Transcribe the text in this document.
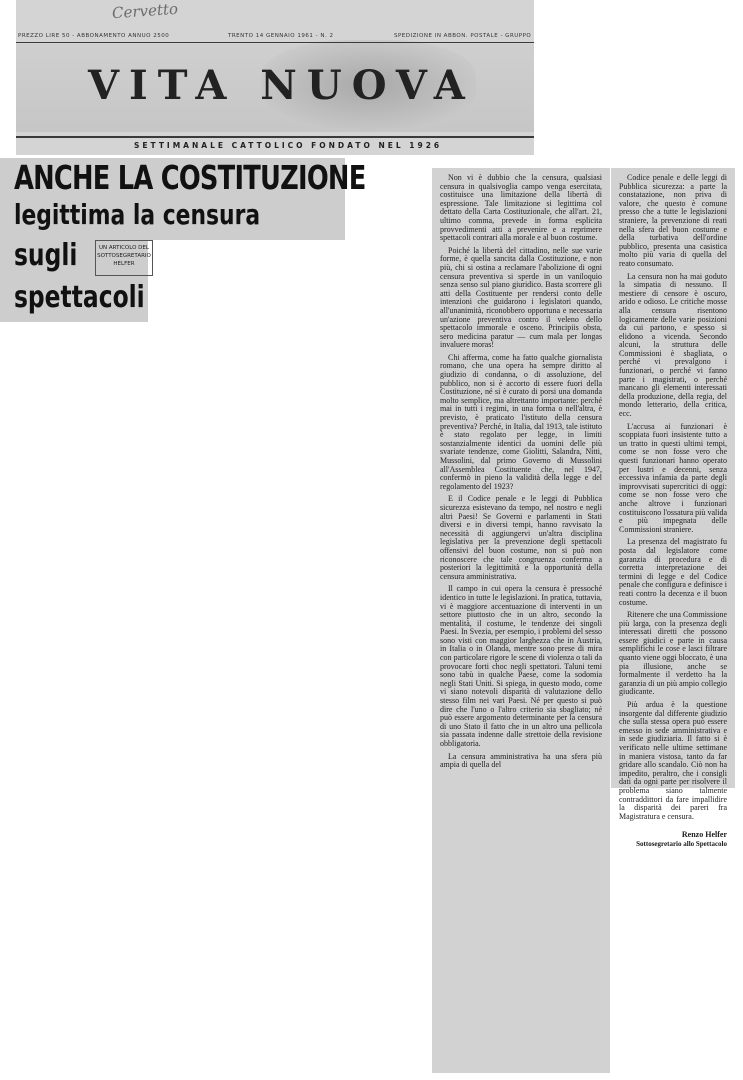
PREZZO LIRE 50 - ABBONAMENTO ANNUO 2500	TRENTO 14 GENNAIO 1961 - N. 2	SPEDIZIONE IN ABBON. POSTALE - GRUPPO
VITA NUOVA
SETTIMANALE CATTOLICO FONDATO NEL 1926
Cervetto
ANCHE LA COSTITUZIONE
legittima la censura
sugli
spettacoli
UN ARTICOLO DEL
SOTTOSEGRETARIO
HELFER

Non vi è dubbio che la censura, qualsiasi censura in qualsivoglia campo venga esercitata, costituisce una limitazione della libertà di espressione. Tale limitazione si legittima col dettato della Carta Costituzionale, che all'art. 21, ultimo comma, prevede in forma esplicita provvedimenti atti a prevenire e a reprimere spettacoli contrari alla morale e al buon costume.

Poiché la libertà del cittadino, nelle sue varie forme, è quella sancita dalla Costituzione, e non più, chi si ostina a reclamare l'abolizione di ogni censura preventiva si sperde in un vaniloquio senza senso sul piano giuridico. Basta scorrere gli atti della Costituente per rendersi conto delle intenzioni che guidarono i legislatori quando, all'unanimità, riconobbero opportuna e necessaria un'azione preventiva contro il veleno dello spettacolo immorale e osceno. Principiis obsta, sero medicina paratur — cum mala per longas invaluere moras!

Chi afferma, come ha fatto qualche giornalista romano, che una opera ha sempre diritto al giudizio di condanna, o di assoluzione, del pubblico, non si è accorto di essere fuori della Costituzione, né si è curato di porsi una domanda molto semplice, ma altrettanto importante: perché mai in tutti i regimi, in una forma o nell'altra, è previsto, è praticato l'istituto della censura preventiva? Perché, in Italia, dal 1913, tale istituto è stato regolato per legge, in limiti sostanzialmente identici da uomini delle più svariate tendenze, come Giolitti, Salandra, Nitti, Mussolini, dal primo Governo di Mussolini all'Assemblea Costituente che, nel 1947, confermò in pieno la validità della legge e del regolamento del 1923?

E il Codice penale e le leggi di Pubblica sicurezza esistevano da tempo, nel nostro e negli altri Paesi! Se Governi e parlamenti in Stati diversi e in diversi tempi, hanno ravvisato la necessità di aggiungervi un'altra disciplina legislativa per la prevenzione degli spettacoli offensivi del buon costume, non si può non riconoscere che tale congruenza conferma a posteriori la legittimità e la opportunità della censura amministrativa.

Il campo in cui opera la censura è pressoché identico in tutte le legislazioni. In pratica, tuttavia, vi è maggiore accentuazione di interventi in un settore piuttosto che in un altro, secondo la mentalità, il costume, le tendenze dei singoli Paesi. In Svezia, per esempio, i problemi del sesso sono visti con maggior larghezza che in Austria, in Italia o in Olanda, mentre sono prese di mira con particolare rigore le scene di violenza o tali da provocare forti choc negli spettatori. Taluni temi sono tabù in qualche Paese, come la sodomia negli Stati Uniti. Si spiega, in questo modo, come vi siano notevoli disparità di valutazione dello stesso film nei vari Paesi. Né per questo si può dire che l'uno o l'altro criterio sia sbagliato; né può essere argomento determinante per la censura di uno Stato il fatto che in un altro una pellicola sia passata indenne dalle strettoie della revisione obbligatoria.

La censura amministrativa ha una sfera più ampia di quella del

Codice penale e delle leggi di Pubblica sicurezza: a parte la constatazione, non priva di valore, che questo è comune presso che a tutte le legislazioni straniere, la prevenzione di reati nella sfera del buon costume e della turbativa dell'ordine pubblico, presenta una casistica molto più varia di quella del reato consumato.

La censura non ha mai goduto la simpatia di nessuno. Il mestiere di censore è oscuro, arido e odioso. Le critiche mosse alla censura risentono logicamente delle varie posizioni da cui partono, e spesso si elidono a vicenda. Secondo alcuni, la struttura delle Commissioni è sbagliata, o perché vi prevalgono i funzionari, o perché vi fanno parte i magistrati, o perché mancano gli elementi interessati della produzione, della regia, del mondo letterario, della critica, ecc.

L'accusa ai funzionari è scoppiata fuori insistente tutto a un tratto in questi ultimi tempi, come se non fosse vero che questi funzionari hanno operato per lustri e decenni, senza eccessiva infamia da parte degli improvvisati supercritici di oggi: come se non fosse vero che anche altrove i funzionari costituiscono l'ossatura più valida e più impegnata delle Commissioni straniere.

La presenza del magistrato fu posta dal legislatore come garanzia di procedura e di corretta interpretazione dei termini di legge e del Codice penale che configura e definisce i reati contro la decenza e il buon costume.

Ritenere che una Commissione più larga, con la presenza degli interessati diretti che possono essere giudici e parte in causa semplifichi le cose e lasci filtrare quanto viene oggi bloccato, è una pia illusione, anche se formalmente il verdetto ha la garanzia di un più ampio collegio giudicante.

Più ardua è la questione insorgente dal differente giudizio che sulla stessa opera può essere emesso in sede amministrativa e in sede giudiziaria. Il fatto si è verificato nelle ultime settimane in maniera vistosa, tanto da far gridare allo scandalo. Ciò non ha impedito, peraltro, che i consigli dati da ogni parte per risolvere il problema siano talmente contraddittori da fare impallidire la disparità dei pareri fra Magistratura e censura.

Renzo Helfer
Sottosegretario allo Spettacolo
